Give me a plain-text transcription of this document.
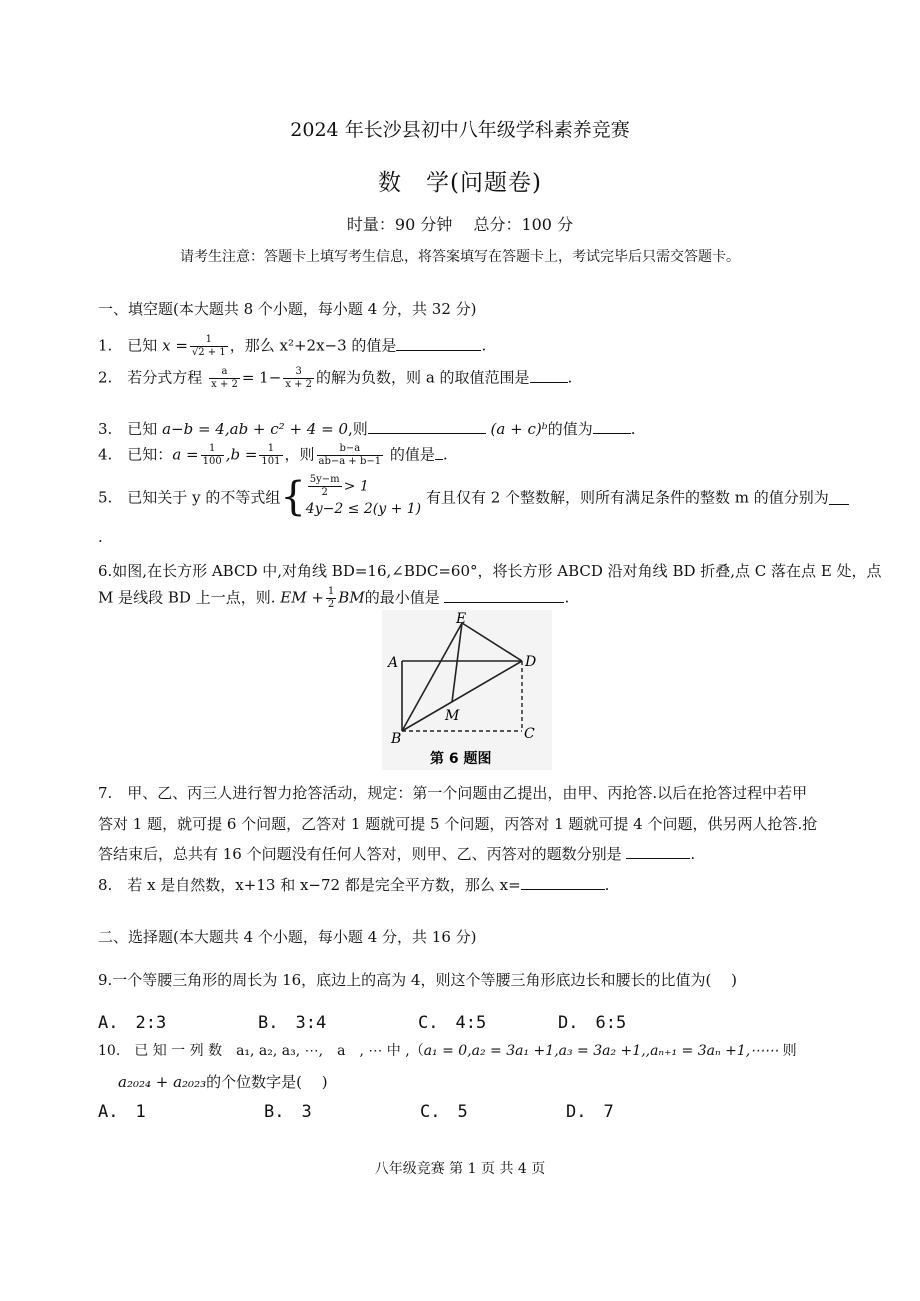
2024 年长沙县初中八年级学科素养竞赛
数　学(问题卷)
时量：90 分钟　 总分：100 分
请考生注意：答题卡上填写考生信息，将答案填写在答题卡上，考试完毕后只需交答题卡。
一、填空题(本大题共 8 个小题，每小题 4 分，共 32 分)
1.　已知 $x = \frac{1}{√2 + 1}$ ，那么 x²+2x−3 的值是	.
2.　若分式方程 $\frac{a}{x + 2} = 1- \frac{3}{x + 2}$ 的解为负数，则 a 的取值范围是	.
3.　已知 a−b = 4,ab + c² + 4 = 0,则	(a + c)ᵇ的值为	.
4.　已知：$a = \frac{1}{100} ,b = \frac{1}{101}$ ，则 $\frac{b-a}{ab-a + b-1}$ 的值是 .
5.　已知关于 y 的不等式组{ $\frac{5y-m}{2} > 1$
4y−2 ≤ 2(y + 1)
有且仅有 2 个整数解，则所有满足条件的整数 m 的值分别为
.
6.如图,在长方形 ABCD 中,对角线 BD=16,∠BDC=60°，将长方形 ABCD 沿对角线 BD 折叠,点 C 落在点 E 处，点
M 是线段 BD 上一点，则. EM + $\frac{1}{2}$ BM的最小值是	.
E
A	D
M
B	C
第 6 题图
7.　甲、乙、丙三人进行智力抢答活动，规定：第一个问题由乙提出，由甲、丙抢答.以后在抢答过程中若甲
答对 1 题，就可提 6 个问题，乙答对 1 题就可提 5 个问题，丙答对 1 题就可提 4 个问题，供另两人抢答.抢
答结束后，总共有 16 个问题没有任何人答对，则甲、乙、丙答对的题数分别是	.
8.　若 x 是自然数，x+13 和 x−72 都是完全平方数，那么 x=	.
二、选择题(本大题共 4 个小题，每小题 4 分，共 16 分)
9.一个等腰三角形的周长为 16，底边上的高为 4，则这个等腰三角形底边长和腰长的比值为(　 )
A.　2:3	B.　3:4	C.　4:5	D.　6:5
10.　已 知 一 列 数　a₁, a₂, a₃, ⋯,　a　, ⋯ 中 ,（a₁ = 0,a₂ = 3a₁ +1,a₃ = 3a₂ +1,,aₙ₊₁ = 3aₙ +1,⋯⋯ 则
a₂₀₂₄ + a₂₀₂₃的个位数字是(　 )
A.　1	B.　3	C.　5	D.　7
八年级竞赛 第 1 页 共 4 页
